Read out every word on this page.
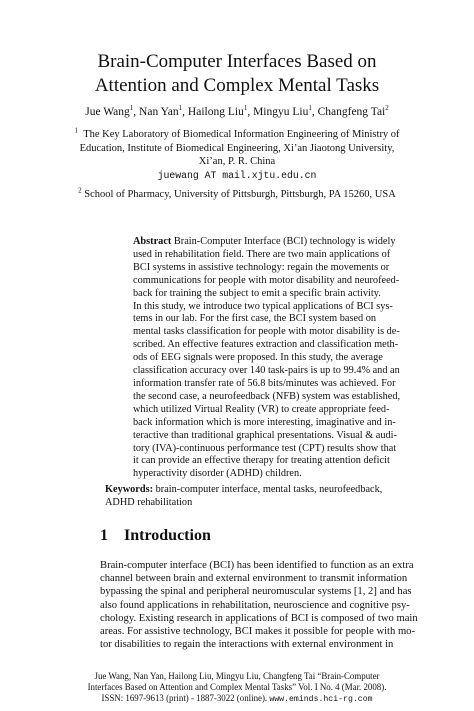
Brain-Computer Interfaces Based on
Attention and Complex Mental Tasks
Jue Wang$^1$, Nan Yan$^1$, Hailong Liu$^1$, Mingyu Liu$^1$, Changfeng Tai$^2$
$^1$ The Key Laboratory of Biomedical Information Engineering of Ministry of
Education, Institute of Biomedical Engineering, Xi’an Jiaotong University,
Xi’an, P. R. China
juewang AT mail.xjtu.edu.cn
$^2$ School of Pharmacy, University of Pittsburgh, Pittsburgh, PA 15260, USA
Abstract Brain-Computer Interface (BCI) technology is widely
used in rehabilitation field. There are two main applications of
BCI systems in assistive technology: regain the movements or
communications for people with motor disability and neurofeed-
back for training the subject to emit a specific brain activity.
In this study, we introduce two typical applications of BCI sys-
tems in our lab. For the first case, the BCI system based on
mental tasks classification for people with motor disability is de-
scribed. An effective features extraction and classification meth-
ods of EEG signals were proposed. In this study, the average
classification accuracy over 140 task-pairs is up to 99.4% and an
information transfer rate of 56.8 bits/minutes was achieved. For
the second case, a neurofeedback (NFB) system was established,
which utilized Virtual Reality (VR) to create appropriate feed-
back information which is more interesting, imaginative and in-
teractive than traditional graphical presentations. Visual & audi-
tory (IVA)-continuous performance test (CPT) results show that
it can provide an effective therapy for treating attention deficit
hyperactivity disorder (ADHD) children.
Keywords: brain-computer interface, mental tasks, neurofeedback,
ADHD rehabilitation
1 Introduction
Brain-computer interface (BCI) has been identified to function as an extra
channel between brain and external environment to transmit information
bypassing the spinal and peripheral neuromuscular systems [1, 2] and has
also found applications in rehabilitation, neuroscience and cognitive psy-
chology. Existing research in applications of BCI is composed of two main
areas. For assistive technology, BCI makes it possible for people with mo-
tor disabilities to regain the interactions with external environment in
Jue Wang, Nan Yan, Hailong Liu, Mingyu Liu, Changfeng Tai “Brain-Computer
Interfaces Based on Attention and Complex Mental Tasks” Vol. I No. 4 (Mar. 2008).
ISSN: 1697-9613 (print) - 1887-3022 (online). www.eminds.hci-rg.com
